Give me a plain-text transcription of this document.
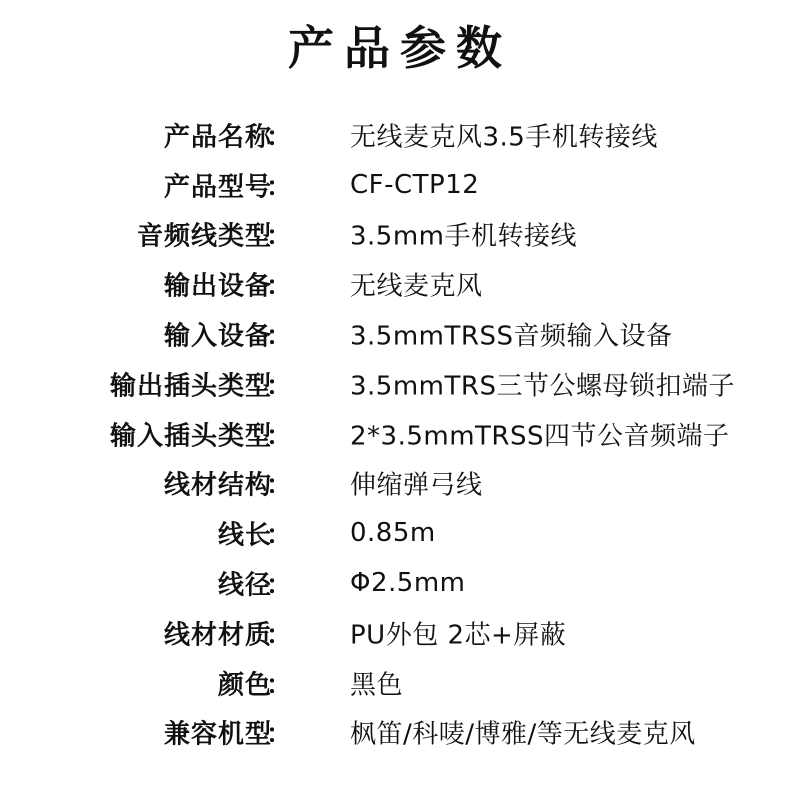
产品参数
产品名称
： 无线麦克风3.5手机转接线
产品型号
： CF-CTP12
音频线类型
： 3.5mm手机转接线
输出设备
： 无线麦克风
输入设备
： 3.5mmTRSS音频输入设备
输出插头类型
： 3.5mmTRS三节公螺母锁扣端子
输入插头类型
： 2*3.5mmTRSS四节公音频端子
线材结构
： 伸缩弹弓线
线长
： 0.85m
线径
： Φ2.5mm
线材材质
： PU外包 2芯+屏蔽
颜色
： 黑色
兼容机型
： 枫笛/科唛/博雅/等无线麦克风
